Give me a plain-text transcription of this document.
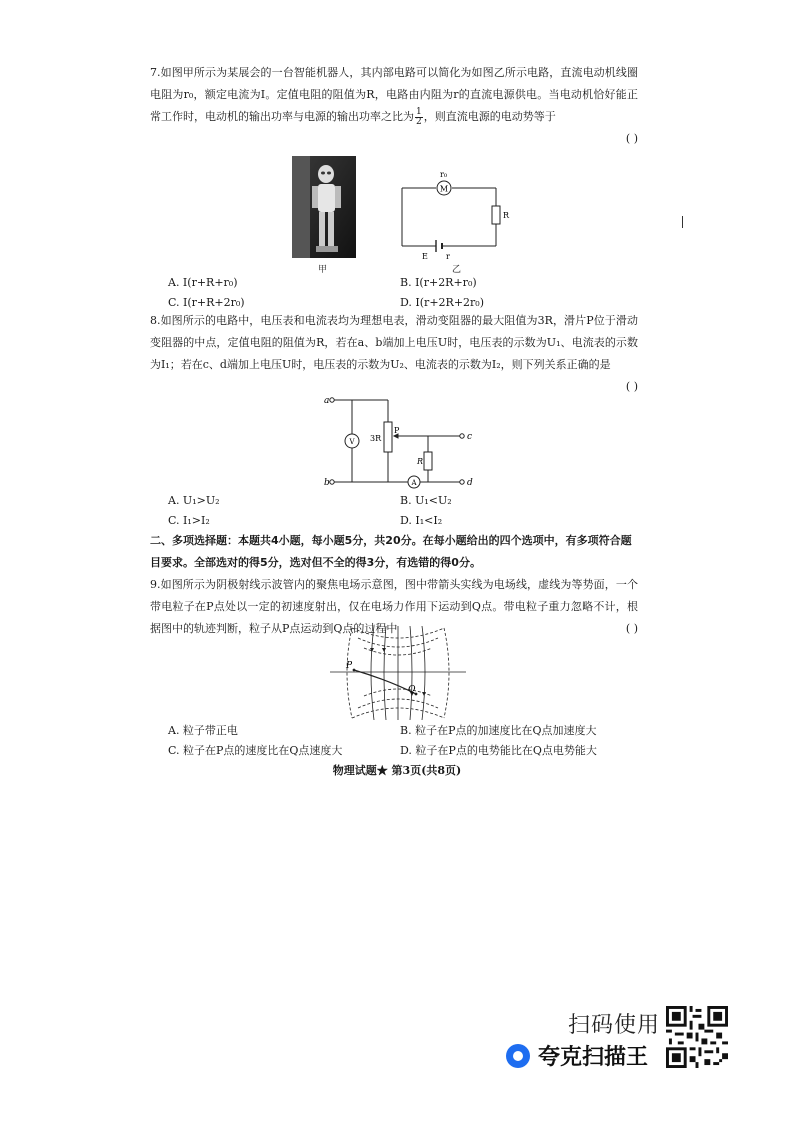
7.如图甲所示为某展会的一台智能机器人，其内部电路可以简化为如图乙所示电路，直流电动机线圈电阻为r₀，额定电流为I。定值电阻的阻值为R，电路由内阻为r的直流电源供电。当电动机恰好能正常工作时，电动机的输出功率与电源的输出功率之比为 $\frac{1}{2}$ ，则直流电源的电动势等于
( )
甲
M
r₀
R
E r
乙
A. I(r+R+r₀)	B. I(r+2R+r₀)
C. I(r+R+2r₀)	D. I(r+2R+2r₀)
8.如图所示的电路中，电压表和电流表均为理想电表，滑动变阻器的最大阻值为3R，滑片P位于滑动变阻器的中点，定值电阻的阻值为R，若在a、b端加上电压U时，电压表的示数为U₁、电流表的示数为I₁；若在c、d端加上电压U时，电压表的示数为U₂、电流表的示数为I₂，则下列关系正确的是
( )
a
b
c
d
V
A
3R
P
R
A. U₁>U₂	B. U₁<U₂
C. I₁>I₂	D. I₁<I₂
二、多项选择题：本题共4小题，每小题5分，共20分。在每小题给出的四个选项中，有多项符合题目要求。全部选对的得5分，选对但不全的得3分，有选错的得0分。
9.如图所示为阴极射线示波管内的聚焦电场示意图，图中带箭头实线为电场线，虚线为等势面，一个带电粒子在P点处以一定的初速度射出，仅在电场力作用下运动到Q点。带电粒子重力忽略不计，根据图中的轨迹判断，粒子从P点运动到Q点的过程中	( )
P
Q
A. 粒子带正电	B. 粒子在P点的加速度比在Q点加速度大
C. 粒子在P点的速度比在Q点速度大	D. 粒子在P点的电势能比在Q点电势能大
物理试题★ 第3页(共8页)
扫码使用
夸克扫描王
